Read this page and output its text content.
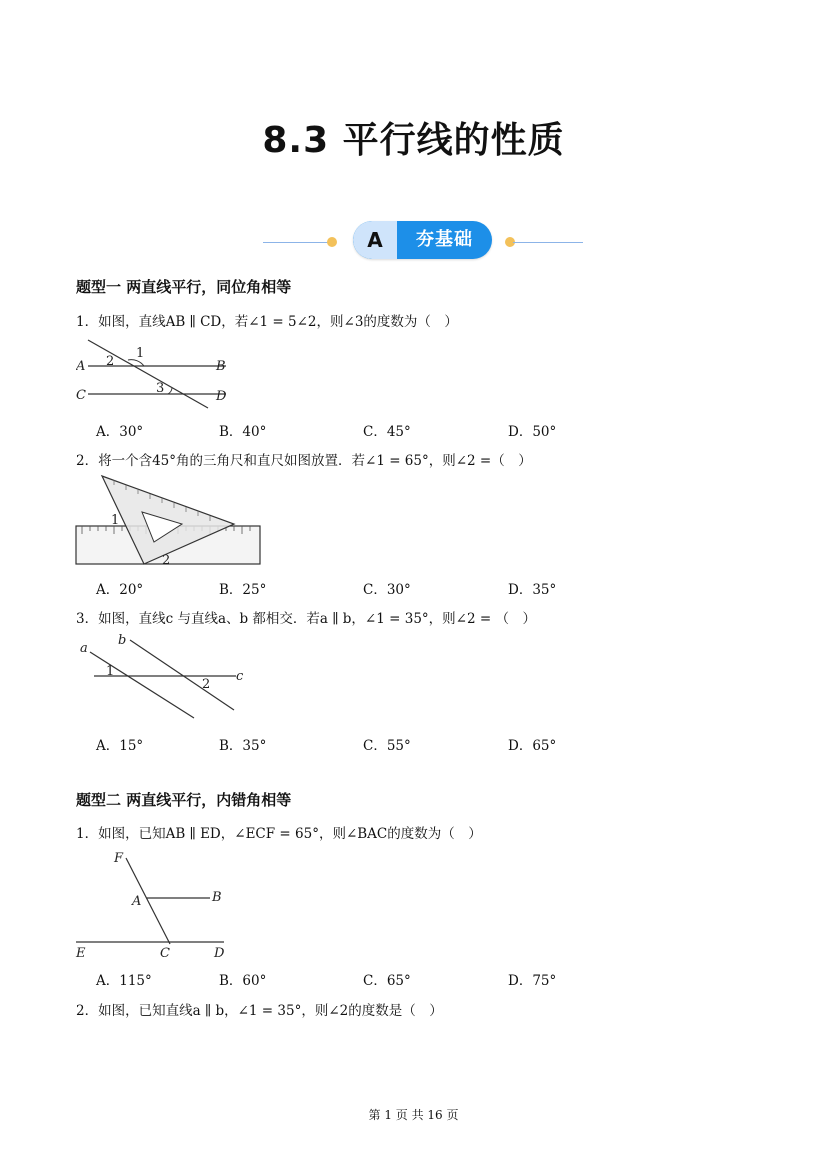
8.3 平行线的性质
A	夯基础
题型一 两直线平行，同位角相等
1．如图，直线AB ∥ CD，若∠1 = 5∠2，则∠3的度数为（　）
A	B
C	D
1
2
3
A．30°	B．40°	C．45°	D．50°
2．将一个含45°角的三角尺和直尺如图放置．若∠1 = 65°，则∠2 =（　）
1
2
A．20°	B．25°	C．30°	D．35°
3．如图，直线c 与直线a、b 都相交．若a ∥ b，∠1 = 35°，则∠2 = （　）
a
b
c
1
2
A．15°	B．35°	C．55°	D．65°
题型二 两直线平行，内错角相等
1．如图，已知AB ∥ ED，∠ECF = 65°，则∠BAC的度数为（　）
F
A	B
E	C	D
A．115°	B．60°	C．65°	D．75°
2．如图，已知直线a ∥ b，∠1 = 35°，则∠2的度数是（　）
第 1 页 共 16 页
